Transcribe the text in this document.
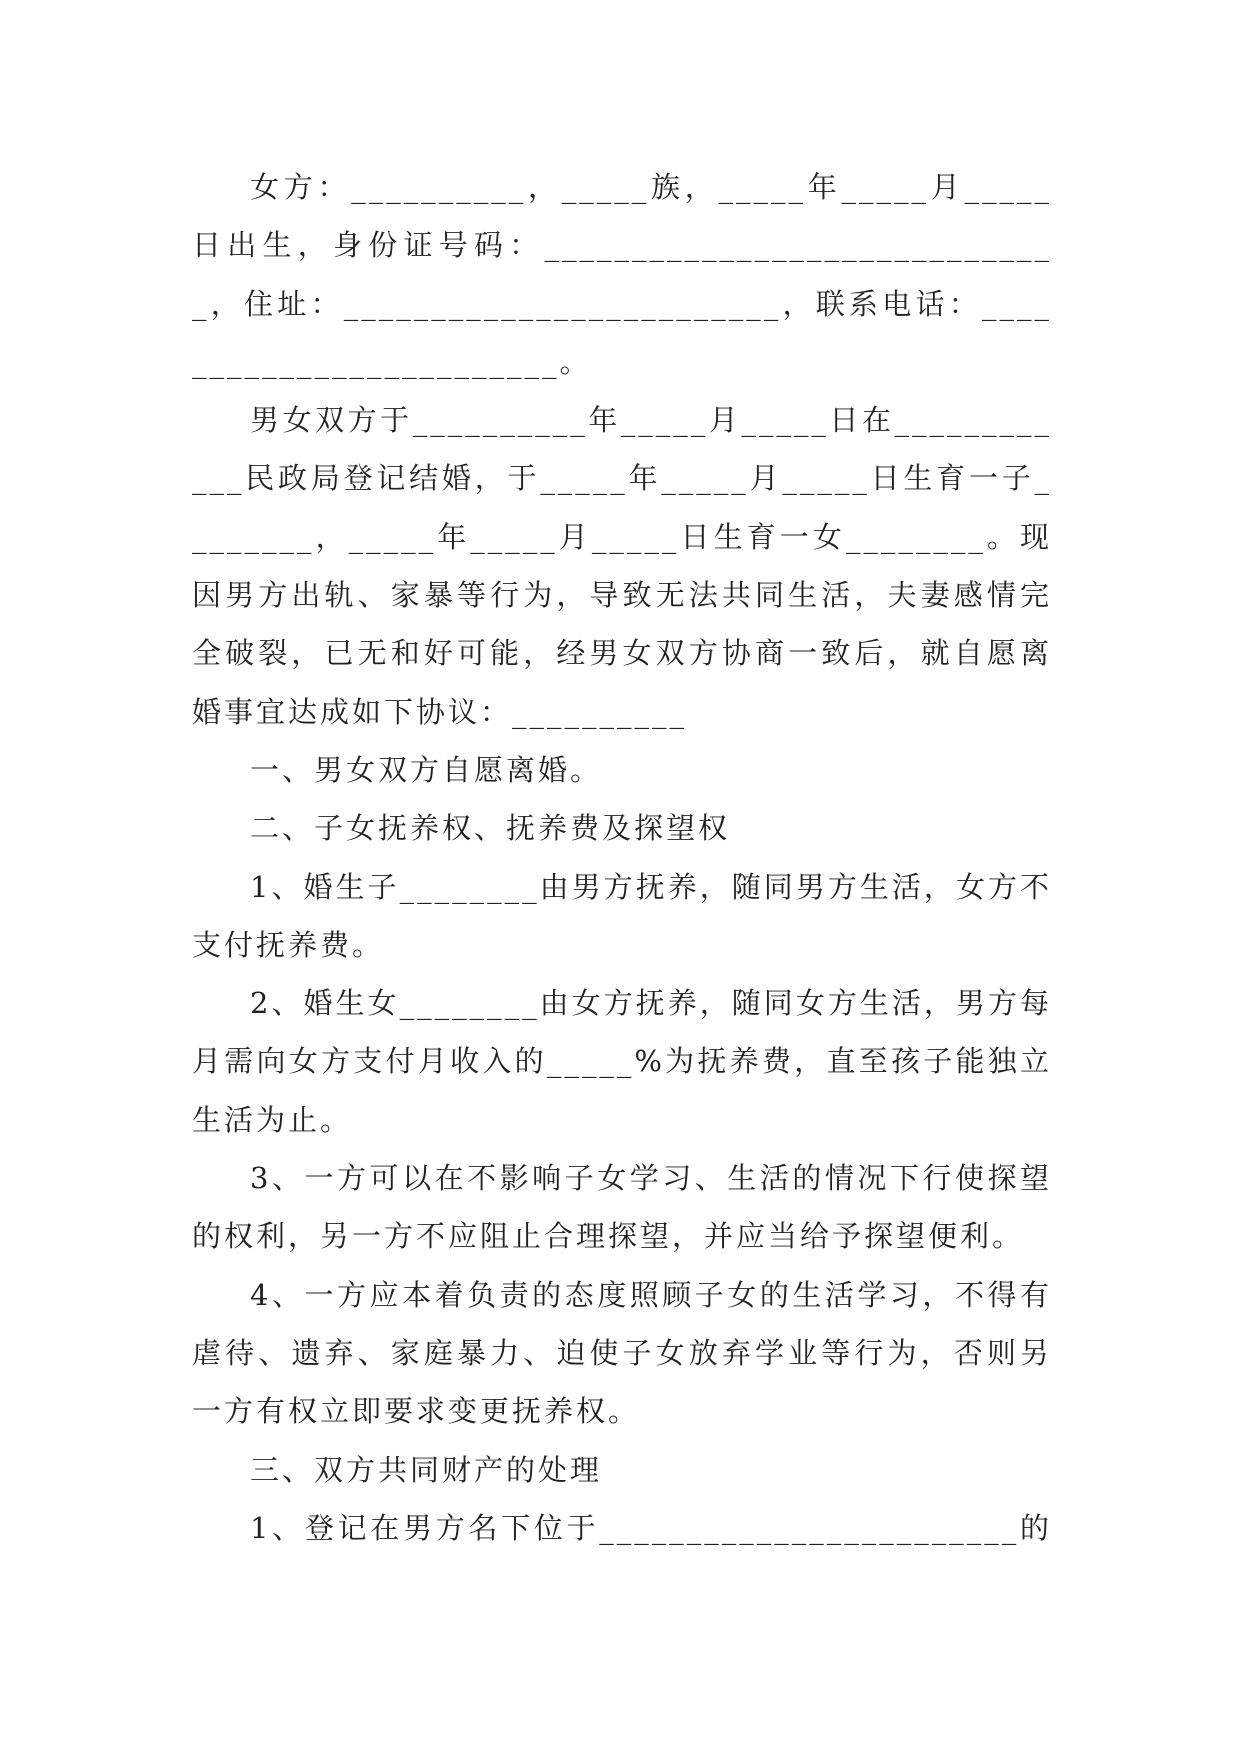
女方：__________，_____族，_____年_____月_____日出生，身份证号码：______________________________，住址：_________________________，联系电话：_________________________。

男女双方于__________年_____月_____日在____________民政局登记结婚，于_____年_____月_____日生育一子________，_____年_____月_____日生育一女________。现因男方出轨、家暴等行为，导致无法共同生活，夫妻感情完全破裂，已无和好可能，经男女双方协商一致后，就自愿离婚事宜达成如下协议：__________

一、男女双方自愿离婚。

二、子女抚养权、抚养费及探望权

1、婚生子________由男方抚养，随同男方生活，女方不支付抚养费。

2、婚生女________由女方抚养，随同女方生活，男方每月需向女方支付月收入的_____%为抚养费，直至孩子能独立生活为止。

3、一方可以在不影响子女学习、生活的情况下行使探望的权利，另一方不应阻止合理探望，并应当给予探望便利。

4、一方应本着负责的态度照顾子女的生活学习，不得有虐待、遗弃、家庭暴力、迫使子女放弃学业等行为，否则另一方有权立即要求变更抚养权。

三、双方共同财产的处理

1、登记在男方名下位于________________________的
